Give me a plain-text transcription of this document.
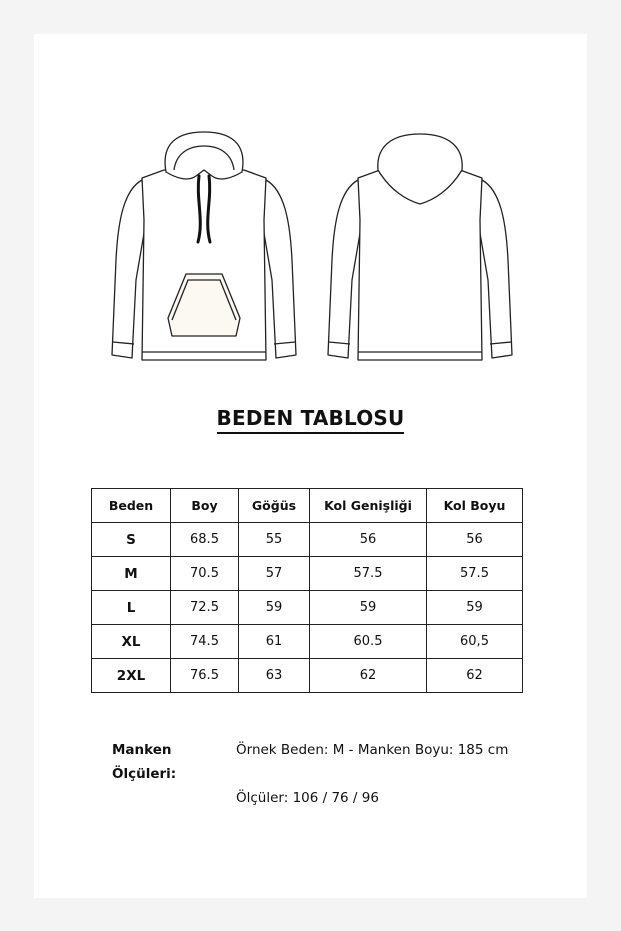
BEDEN TABLOSU
Beden	Boy	Göğüs	Kol Genişliği	Kol Boyu
S	68.5	55	56	56
M	70.5	57	57.5	57.5
L	72.5	59	59	59
XL	74.5	61	60.5	60,5
2XL	76.5	63	62	62
Manken Ölçüleri:
Örnek Beden: M - Manken Boyu: 185 cm
Ölçüler: 106 / 76 / 96
